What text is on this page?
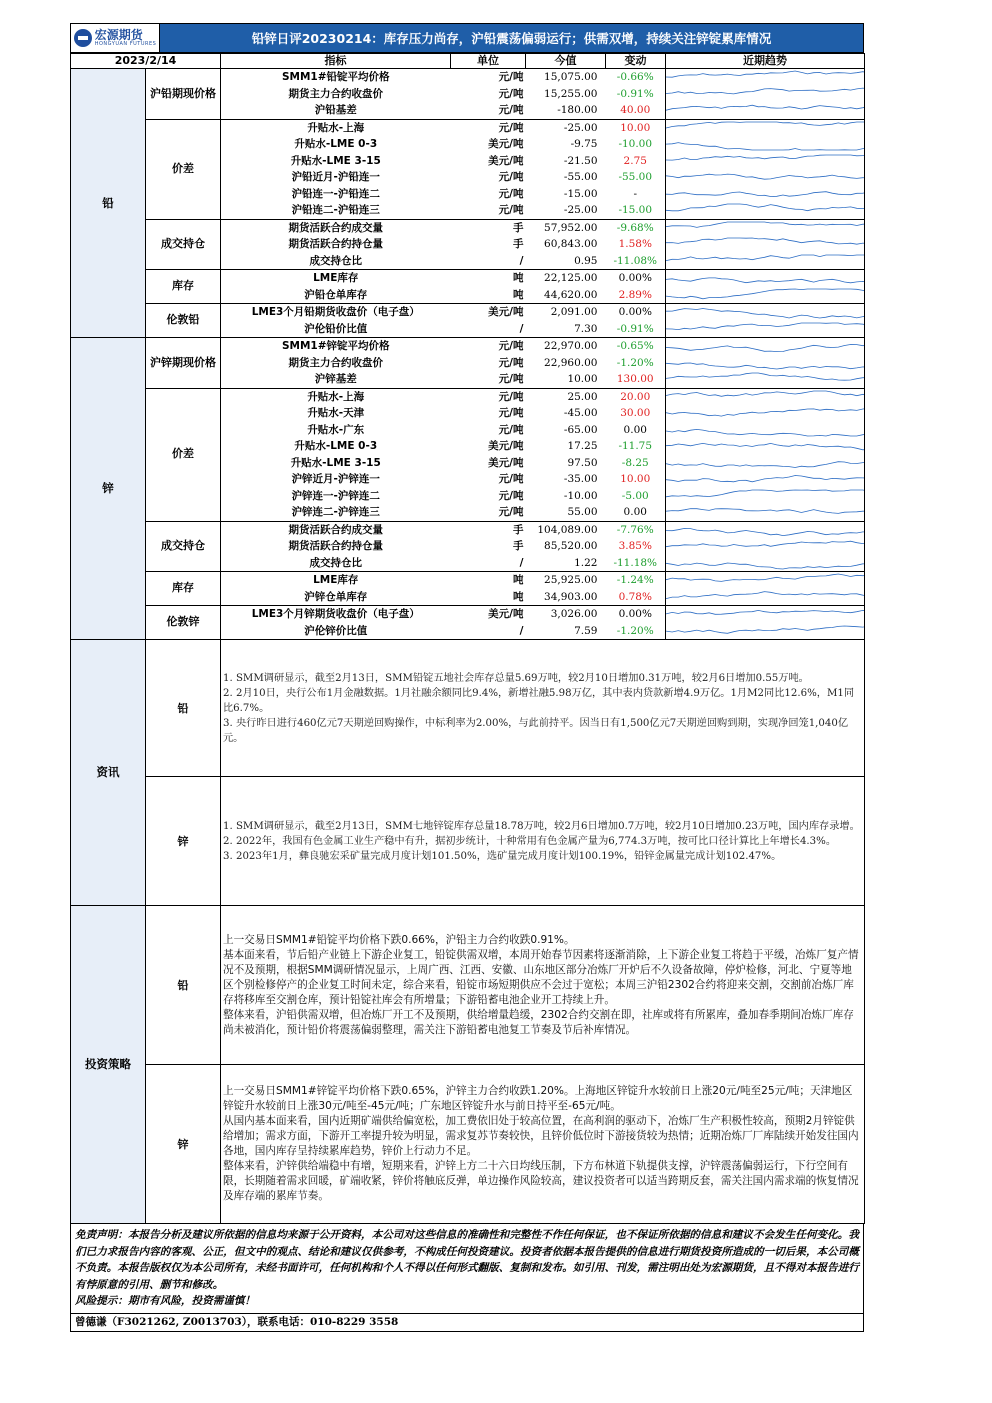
宏源期货
HONGYUAN FUTURES	铅锌日评20230214：库存压力尚存，沪铅震荡偏弱运行；供需双增，持续关注锌锭累库情况
2023/2/14		指标	单位	今值	变动	近期趋势
铅	沪铅期现价格	SMM1#铅锭平均价格	元/吨	15,075.00	-0.66%	

		期货主力合约收盘价	元/吨	15,255.00	-0.91%	

		沪铅基差	元/吨	-180.00	40.00	

	价差	升贴水-上海	元/吨	-25.00	10.00	

		升贴水-LME 0-3	美元/吨	-9.75	-10.00	

		升贴水-LME 3-15	美元/吨	-21.50	2.75	

		沪铅近月-沪铅连一	元/吨	-55.00	-55.00	

		沪铅连一-沪铅连二	元/吨	-15.00	-	

		沪铅连二-沪铅连三	元/吨	-25.00	-15.00	

	成交持仓	期货活跃合约成交量	手	57,952.00	-9.68%	

		期货活跃合约持仓量	手	60,843.00	1.58%	

		成交持仓比	/	0.95	-11.08%	

	库存	LME库存	吨	22,125.00	0.00%	

		沪铅仓单库存	吨	44,620.00	2.89%	

	伦敦铅	LME3个月铅期货收盘价（电子盘）	美元/吨	2,091.00	0.00%	

		沪伦铅价比值	/	7.30	-0.91%	

锌	沪锌期现价格	SMM1#锌锭平均价格	元/吨	22,970.00	-0.65%	

		期货主力合约收盘价	元/吨	22,960.00	-1.20%	

		沪锌基差	元/吨	10.00	130.00	

	价差	升贴水-上海	元/吨	25.00	20.00	

		升贴水-天津	元/吨	-45.00	30.00	

		升贴水-广东	元/吨	-65.00	0.00	

		升贴水-LME 0-3	美元/吨	17.25	-11.75	

		升贴水-LME 3-15	美元/吨	97.50	-8.25	

		沪锌近月-沪锌连一	元/吨	-35.00	10.00	

		沪锌连一-沪锌连二	元/吨	-10.00	-5.00	

		沪锌连二-沪锌连三	元/吨	55.00	0.00	

	成交持仓	期货活跃合约成交量	手	104,089.00	-7.76%	

		期货活跃合约持仓量	手	85,520.00	3.85%	

		成交持仓比	/	1.22	-11.18%	

	库存	LME库存	吨	25,925.00	-1.24%	

		沪锌仓单库存	吨	34,903.00	0.78%	

	伦敦锌	LME3个月锌期货收盘价（电子盘）	美元/吨	3,026.00	0.00%	

		沪伦锌价比值	/	7.59	-1.20%	

资讯	铅	1. SMM调研显示，截至2月13日，SMM铅锭五地社会库存总量5.69万吨，较2月10日增加0.31万吨，较2月6日增加0.55万吨。

2. 2月10日，央行公布1月金融数据。1月社融余额同比9.4%，新增社融5.98万亿，其中表内贷款新增4.9万亿。1月M2同比12.6%，M1同比6.7%。

3. 央行昨日进行460亿元7天期逆回购操作，中标利率为2.00%，与此前持平。因当日有1,500亿元7天期逆回购到期，实现净回笼1,040亿元。				

	锌	1. SMM调研显示，截至2月13日，SMM七地锌锭库存总量18.78万吨，较2月6日增加0.7万吨，较2月10日增加0.23万吨，国内库存录增。

2. 2022年，我国有色金属工业生产稳中有升，据初步统计，十种常用有色金属产量为6,774.3万吨，按可比口径计算比上年增长4.3%。

3. 2023年1月，彝良驰宏采矿量完成月度计划101.50%，选矿量完成月度计划100.19%，铅锌金属量完成计划102.47%。				

投资策略	铅	上一交易日SMM1#铅锭平均价格下跌0.66%，沪铅主力合约收跌0.91%。

基本面来看，节后铅产业链上下游企业复工，铅锭供需双增，本周开始春节因素将逐渐消除，上下游企业复工将趋于平缓，冶炼厂复产情况不及预期，根据SMM调研情况显示，上周广西、江西、安徽、山东地区部分冶炼厂开炉后不久设备故障，停炉检修，河北、宁夏等地区个别检修停产的企业复工时间未定，综合来看，铅锭市场短期供应不会过于宽松；本周三沪铅2302合约将迎来交割，交割前冶炼厂库存将移库至交割仓库，预计铅锭社库会有所增量；下游铅蓄电池企业开工持续上升。

整体来看，沪铅供需双增，但冶炼厂开工不及预期，供给增量趋缓，2302合约交割在即，社库或将有所累库，叠加春季期间冶炼厂库存尚未被消化，预计铅价将震荡偏弱整理，需关注下游铅蓄电池复工节奏及节后补库情况。				

	锌	上一交易日SMM1#锌锭平均价格下跌0.65%，沪锌主力合约收跌1.20%。上海地区锌锭升水较前日上涨20元/吨至25元/吨；天津地区锌锭升水较前日上涨30元/吨至-45元/吨；广东地区锌锭升水与前日持平至-65元/吨。

从国内基本面来看，国内近期矿端供给偏宽松，加工费依旧处于较高位置，在高利润的驱动下，冶炼厂生产积极性较高，预期2月锌锭供给增加；需求方面，下游开工率提升较为明显，需求复苏节奏较快，且锌价低位时下游接货较为热情；近期冶炼厂厂库陆续开始发往国内各地，国内库存呈持续累库趋势，锌价上行动力不足。

整体来看，沪锌供给端稳中有增，短期来看，沪锌上方二十六日均线压制，下方布林道下轨提供支撑，沪锌震荡偏弱运行，下行空间有限，长期随着需求回暖，矿端收紧，锌价将触底反弹，单边操作风险较高，建议投资者可以适当跨期反套，需关注国内需求端的恢复情况及库存端的累库节奏。				

免责声明：本报告分析及建议所依据的信息均来源于公开资料，本公司对这些信息的准确性和完整性不作任何保证，也不保证所依据的信息和建议不会发生任何变化。我们已力求报告内容的客观、公正，但文中的观点、结论和建议仅供参考，不构成任何投资建议。投资者依据本报告提供的信息进行期货投资所造成的一切后果，本公司概不负责。本报告版权仅为本公司所有，未经书面许可，任何机构和个人不得以任何形式翻版、复制和发布。如引用、刊发，需注明出处为宏源期货，且不得对本报告进行有悖原意的引用、删节和修改。
风险提示：期市有风险，投资需谨慎！
曾德谦（F3021262, Z0013703），联系电话：010-8229 3558
